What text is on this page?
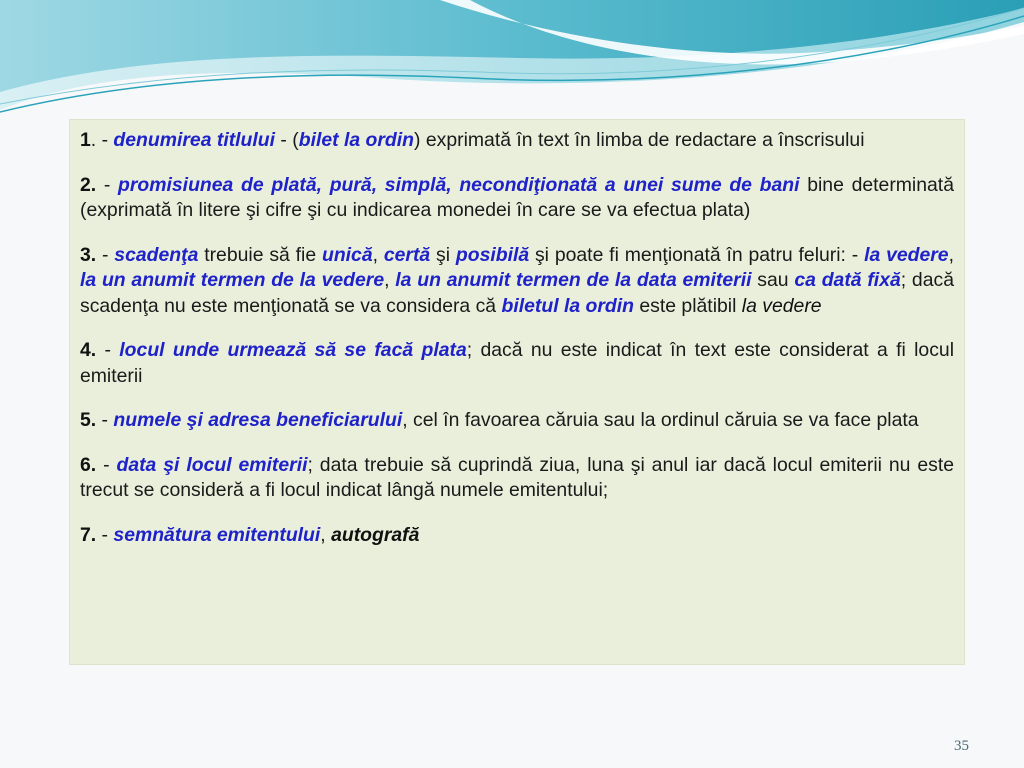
1. - denumirea titlului - (bilet la ordin) exprimată în text în limba de redactare a înscrisului

2. - promisiunea de plată, pură, simplă, necondiţionată a unei sume de bani bine determinată (exprimată în litere şi cifre şi cu indicarea monedei în care se va efectua plata)

3. - scadenţa trebuie să fie unică, certă şi posibilă şi poate fi menţionată în patru feluri: - la vedere, la un anumit termen de la vedere, la un anumit termen de la data emiterii sau ca dată fixă; dacă scadenţa nu este menţionată se va considera că biletul la ordin este plătibil la vedere

4. - locul unde urmează să se facă plata; dacă nu este indicat în text este considerat a fi locul emiterii

5. - numele şi adresa beneficiarului, cel în favoarea căruia sau la ordinul căruia se va face plata

6. - data şi locul emiterii; data trebuie să cuprindă ziua, luna şi anul iar dacă locul emiterii nu este trecut se consideră a fi locul indicat lângă numele emitentului;

7. - semnătura emitentului, autografă

35
